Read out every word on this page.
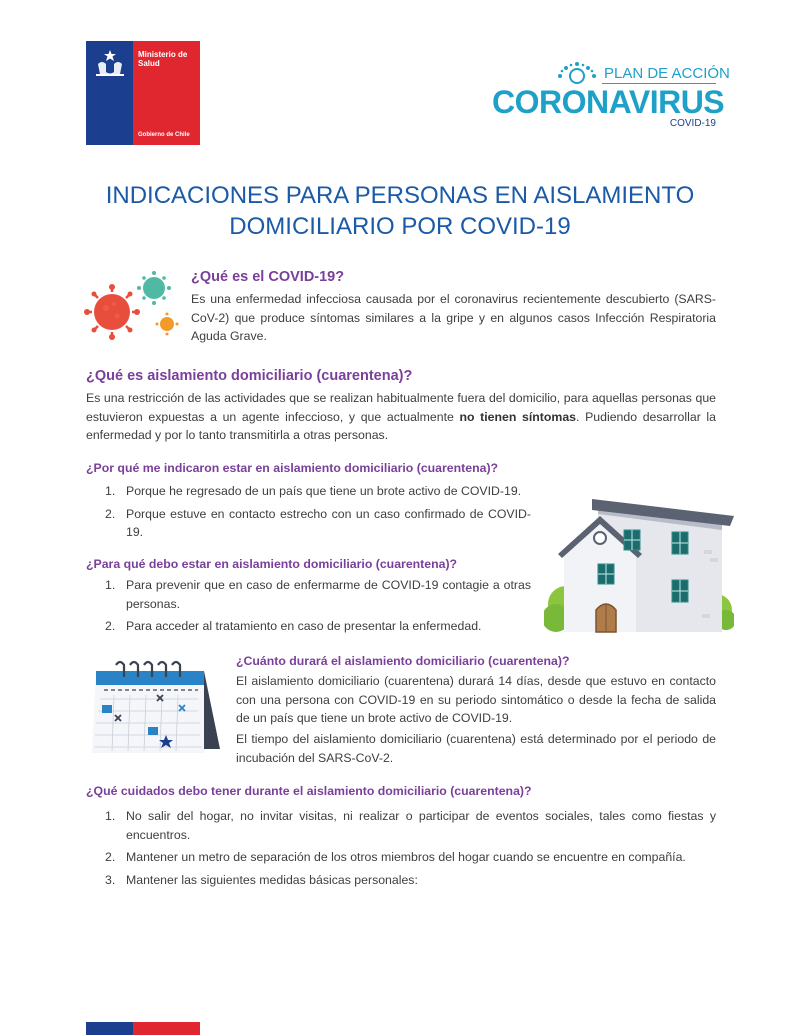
Ministerio de Salud
Gobierno de Chile
PLAN DE ACCIÓN
CORONAVIRUS
COVID-19
INDICACIONES PARA PERSONAS EN AISLAMIENTO
DOMICILIARIO POR COVID-19
¿Qué es el COVID-19?
Es una enfermedad infecciosa causada por el coronavirus recientemente descubierto (SARS-CoV-2) que produce síntomas similares a la gripe y en algunos casos Infección Respiratoria Aguda Grave.
¿Qué es aislamiento domiciliario (cuarentena)?
Es una restricción de las actividades que se realizan habitualmente fuera del domicilio, para aquellas personas que estuvieron expuestas a un agente infeccioso, y que actualmente no tienen síntomas. Pudiendo desarrollar la enfermedad y por lo tanto transmitirla a otras personas.
¿Por qué me indicaron estar en aislamiento domiciliario (cuarentena)?
1. Porque he regresado de un país que tiene un brote activo de COVID-19.
2. Porque estuve en contacto estrecho con un caso confirmado de COVID-19.
¿Para qué debo estar en aislamiento domiciliario (cuarentena)?
1. Para prevenir que en caso de enfermarme de COVID-19 contagie a otras personas.
2. Para acceder al tratamiento en caso de presentar la enfermedad.
¿Cuánto durará el aislamiento domiciliario (cuarentena)?
El aislamiento domiciliario (cuarentena) durará 14 días, desde que estuvo en contacto con una persona con COVID-19 en su periodo sintomático o desde la fecha de salida de un país que tiene un brote activo de COVID-19.
El tiempo del aislamiento domiciliario (cuarentena) está determinado por el periodo de incubación del SARS-CoV-2.
¿Qué cuidados debo tener durante el aislamiento domiciliario (cuarentena)?
1. No salir del hogar, no invitar visitas, ni realizar o participar de eventos sociales, tales como fiestas y encuentros.
2. Mantener un metro de separación de los otros miembros del hogar cuando se encuentre en compañía.
3. Mantener las siguientes medidas básicas personales:
